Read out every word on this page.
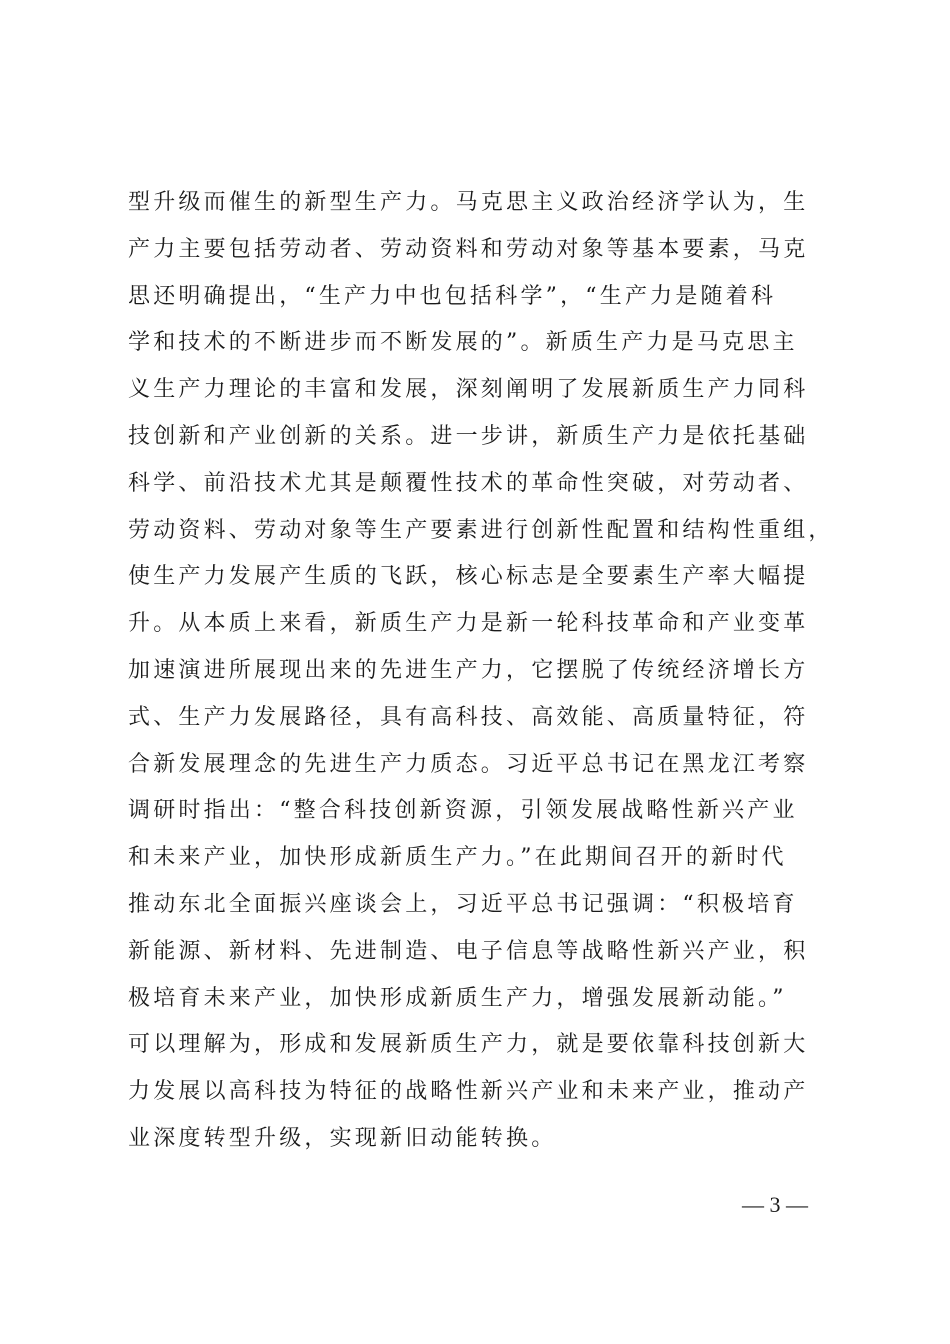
型升级而催生的新型生产力。马克思主义政治经济学认为，生
产力主要包括劳动者、劳动资料和劳动对象等基本要素，马克
思还明确提出，“生产力中也包括科学”，“生产力是随着科
学和技术的不断进步而不断发展的”。新质生产力是马克思主
义生产力理论的丰富和发展，深刻阐明了发展新质生产力同科
技创新和产业创新的关系。进一步讲，新质生产力是依托基础
科学、前沿技术尤其是颠覆性技术的革命性突破，对劳动者、
劳动资料、劳动对象等生产要素进行创新性配置和结构性重组，
使生产力发展产生质的飞跃，核心标志是全要素生产率大幅提
升。从本质上来看，新质生产力是新一轮科技革命和产业变革
加速演进所展现出来的先进生产力，它摆脱了传统经济增长方
式、生产力发展路径，具有高科技、高效能、高质量特征，符
合新发展理念的先进生产力质态。习近平总书记在黑龙江考察
调研时指出：“整合科技创新资源，引领发展战略性新兴产业
和未来产业，加快形成新质生产力。”在此期间召开的新时代
推动东北全面振兴座谈会上，习近平总书记强调：“积极培育
新能源、新材料、先进制造、电子信息等战略性新兴产业，积
极培育未来产业，加快形成新质生产力，增强发展新动能。”
可以理解为，形成和发展新质生产力，就是要依靠科技创新大
力发展以高科技为特征的战略性新兴产业和未来产业，推动产
业深度转型升级，实现新旧动能转换。
— 3 —
